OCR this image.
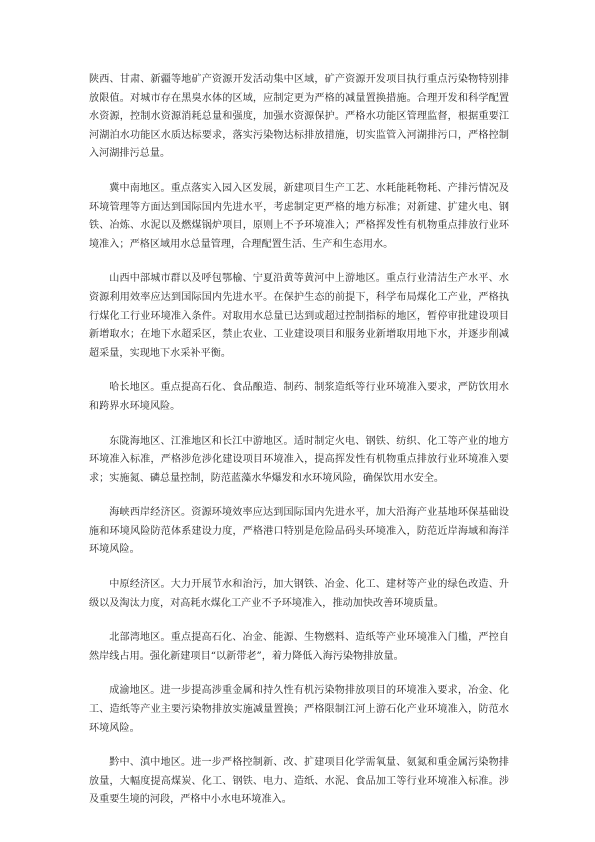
陕西、甘肃、新疆等地矿产资源开发活动集中区域，矿产资源开发项目执行重点污染物特别排放限值。对城市存在黑臭水体的区域，应制定更为严格的减量置换措施。合理开发和科学配置水资源，控制水资源消耗总量和强度，加强水资源保护。严格水功能区管理监督，根据重要江河湖泊水功能区水质达标要求，落实污染物达标排放措施，切实监管入河湖排污口，严格控制入河湖排污总量。

冀中南地区。重点落实入园入区发展，新建项目生产工艺、水耗能耗物耗、产排污情况及环境管理等方面达到国际国内先进水平，考虑制定更严格的地方标准；对新建、扩建火电、钢铁、冶炼、水泥以及燃煤锅炉项目，原则上不予环境准入；严格挥发性有机物重点排放行业环境准入；严格区域用水总量管理，合理配置生活、生产和生态用水。

山西中部城市群以及呼包鄂榆、宁夏沿黄等黄河中上游地区。重点行业清洁生产水平、水资源利用效率应达到国际国内先进水平。在保护生态的前提下，科学布局煤化工产业，严格执行煤化工行业环境准入条件。对取用水总量已达到或超过控制指标的地区，暂停审批建设项目新增取水；在地下水超采区，禁止农业、工业建设项目和服务业新增取用地下水，并逐步削减超采量，实现地下水采补平衡。

哈长地区。重点提高石化、食品酿造、制药、制浆造纸等行业环境准入要求，严防饮用水和跨界水环境风险。

东陇海地区、江淮地区和长江中游地区。适时制定火电、钢铁、纺织、化工等产业的地方环境准入标准，严格涉危涉化建设项目环境准入，提高挥发性有机物重点排放行业环境准入要求；实施氮、磷总量控制，防范蓝藻水华爆发和水环境风险，确保饮用水安全。

海峡西岸经济区。资源环境效率应达到国际国内先进水平，加大沿海产业基地环保基础设施和环境风险防范体系建设力度，严格港口特别是危险品码头环境准入，防范近岸海域和海洋环境风险。

中原经济区。大力开展节水和治污，加大钢铁、冶金、化工、建材等产业的绿色改造、升级以及淘汰力度，对高耗水煤化工产业不予环境准入，推动加快改善环境质量。

北部湾地区。重点提高石化、冶金、能源、生物燃料、造纸等产业环境准入门槛，严控自然岸线占用。强化新建项目“以新带老”，着力降低入海污染物排放量。

成渝地区。进一步提高涉重金属和持久性有机污染物排放项目的环境准入要求，冶金、化工、造纸等产业主要污染物排放实施减量置换；严格限制江河上游石化产业环境准入，防范水环境风险。

黔中、滇中地区。进一步严格控制新、改、扩建项目化学需氧量、氨氮和重金属污染物排放量，大幅度提高煤炭、化工、钢铁、电力、造纸、水泥、食品加工等行业环境准入标准。涉及重要生境的河段，严格中小水电环境准入。
